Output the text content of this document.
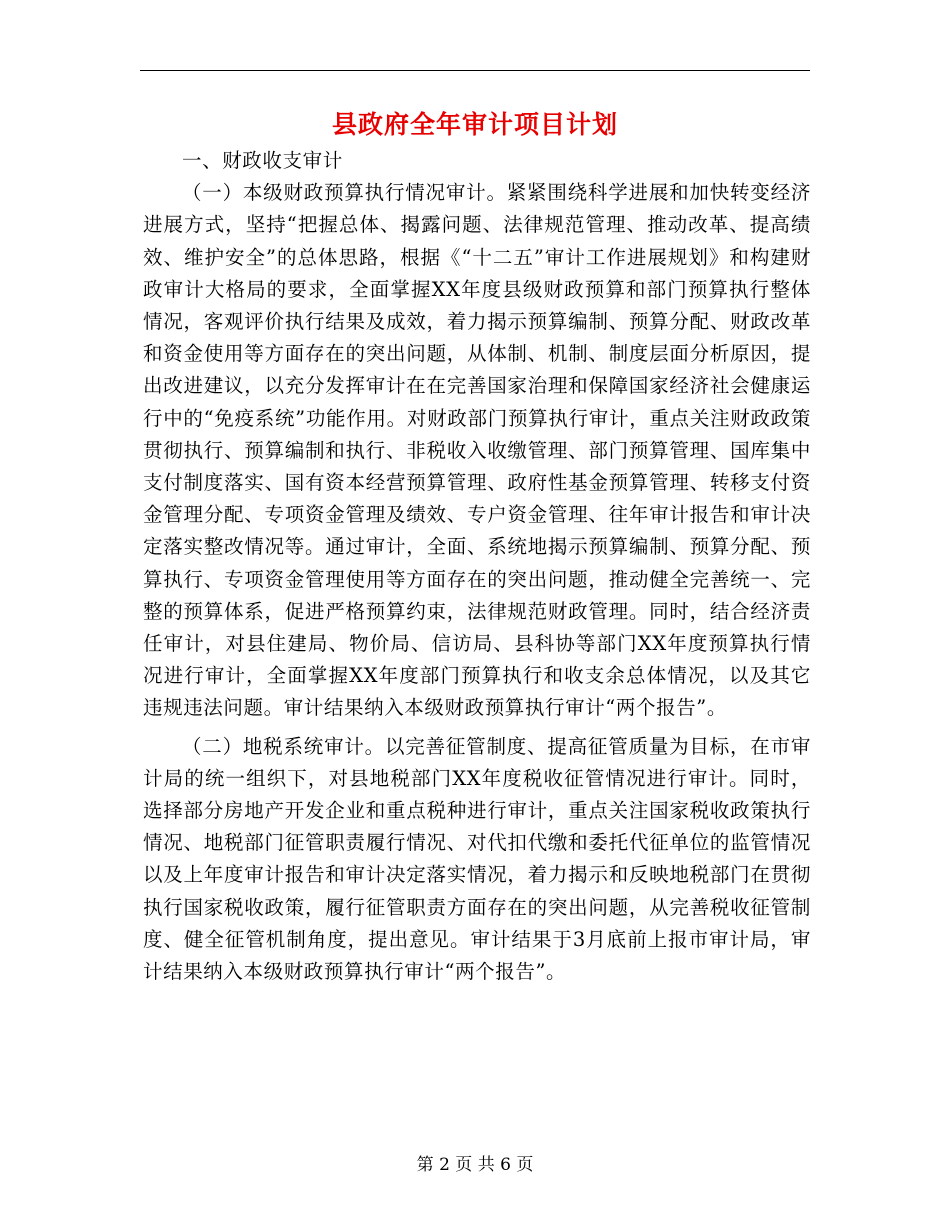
县政府全年审计项目计划

一、财政收支审计

（一）本级财政预算执行情况审计。紧紧围绕科学进展和加快转变经济进展方式，坚持“把握总体、揭露问题、法律规范管理、推动改革、提高绩效、维护安全”的总体思路，根据《“十二五”审计工作进展规划》和构建财政审计大格局的要求，全面掌握XX年度县级财政预算和部门预算执行整体情况，客观评价执行结果及成效，着力揭示预算编制、预算分配、财政改革和资金使用等方面存在的突出问题，从体制、机制、制度层面分析原因，提出改进建议，以充分发挥审计在在完善国家治理和保障国家经济社会健康运行中的“免疫系统”功能作用。对财政部门预算执行审计，重点关注财政政策贯彻执行、预算编制和执行、非税收入收缴管理、部门预算管理、国库集中支付制度落实、国有资本经营预算管理、政府性基金预算管理、转移支付资金管理分配、专项资金管理及绩效、专户资金管理、往年审计报告和审计决定落实整改情况等。通过审计，全面、系统地揭示预算编制、预算分配、预算执行、专项资金管理使用等方面存在的突出问题，推动健全完善统一、完整的预算体系，促进严格预算约束，法律规范财政管理。同时，结合经济责任审计，对县住建局、物价局、信访局、县科协等部门XX年度预算执行情况进行审计，全面掌握XX年度部门预算执行和收支余总体情况，以及其它违规违法问题。审计结果纳入本级财政预算执行审计“两个报告”。

（二）地税系统审计。以完善征管制度、提高征管质量为目标，在市审计局的统一组织下，对县地税部门XX年度税收征管情况进行审计。同时，选择部分房地产开发企业和重点税种进行审计，重点关注国家税收政策执行情况、地税部门征管职责履行情况、对代扣代缴和委托代征单位的监管情况以及上年度审计报告和审计决定落实情况，着力揭示和反映地税部门在贯彻执行国家税收政策，履行征管职责方面存在的突出问题，从完善税收征管制度、健全征管机制角度，提出意见。审计结果于3月底前上报市审计局，审计结果纳入本级财政预算执行审计“两个报告”。

第 2 页 共 6 页
